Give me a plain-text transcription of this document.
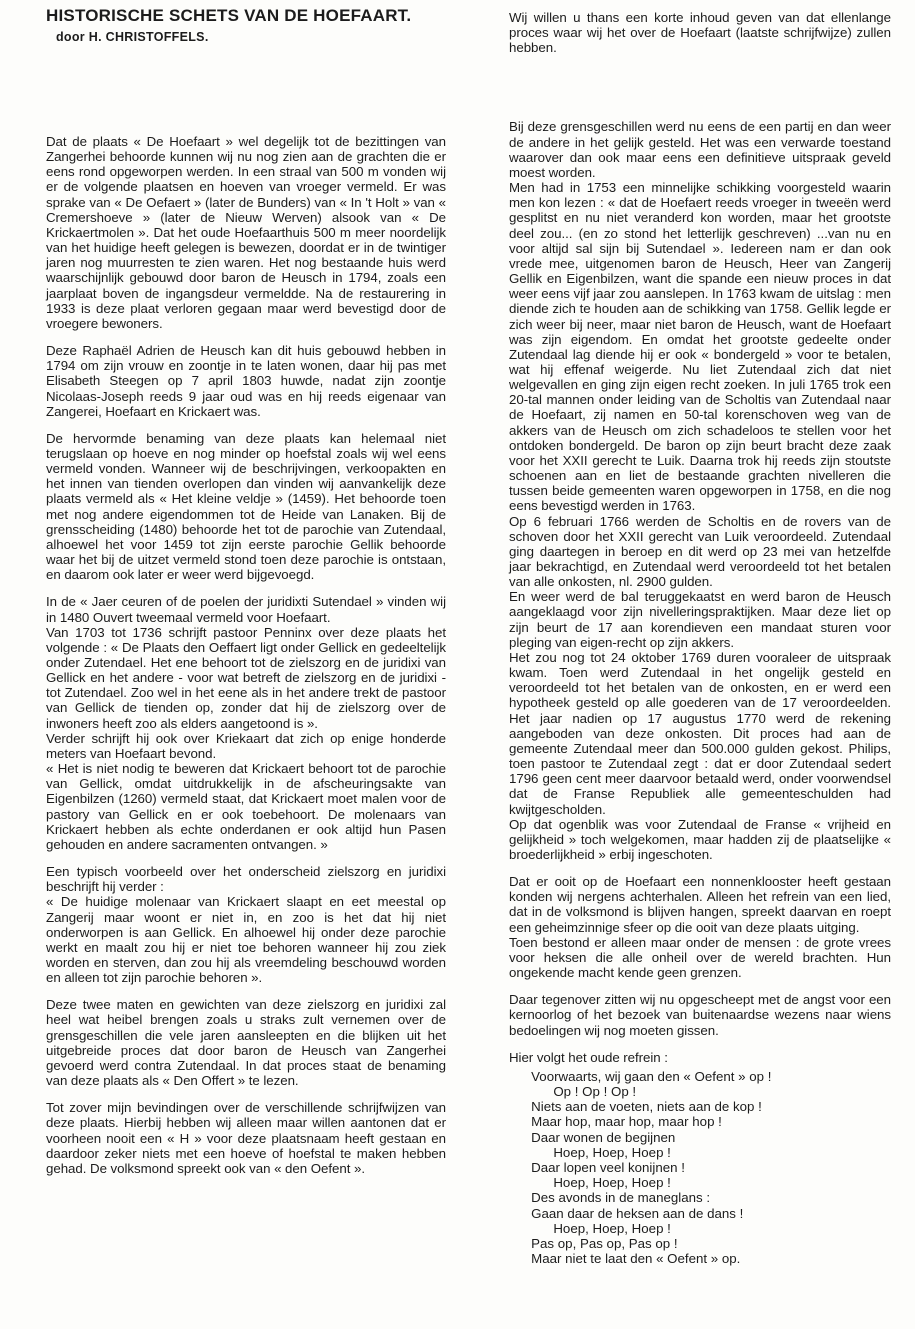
HISTORISCHE SCHETS VAN DE HOEFAART.
door H. CHRISTOFFELS.

Dat de plaats « De Hoefaart » wel degelijk tot de bezittingen van Zangerhei behoorde kunnen wij nu nog zien aan de grachten die er eens rond opgeworpen werden. In een straal van 500 m vonden wij er de volgende plaatsen en hoeven van vroeger vermeld. Er was sprake van « De Oefaert » (later de Bunders) van « In 't Holt » van « Cremershoeve » (later de Nieuw Werven) alsook van « De Krickaertmolen ». Dat het oude Hoefaarthuis 500 m meer noordelijk van het huidige heeft gelegen is bewezen, doordat er in de twintiger jaren nog muurresten te zien waren. Het nog bestaande huis werd waarschijnlijk gebouwd door baron de Heusch in 1794, zoals een jaarplaat boven de ingangsdeur vermeldde. Na de restaurering in 1933 is deze plaat verloren gegaan maar werd bevestigd door de vroegere bewoners.

Deze Raphaël Adrien de Heusch kan dit huis gebouwd hebben in 1794 om zijn vrouw en zoontje in te laten wonen, daar hij pas met Elisabeth Steegen op 7 april 1803 huwde, nadat zijn zoontje Nicolaas-Joseph reeds 9 jaar oud was en hij reeds eigenaar van Zangerei, Hoefaart en Krickaert was.

De hervormde benaming van deze plaats kan helemaal niet terugslaan op hoeve en nog minder op hoefstal zoals wij wel eens vermeld vonden. Wanneer wij de beschrijvingen, verkoopakten en het innen van tienden overlopen dan vinden wij aanvankelijk deze plaats vermeld als « Het kleine veldje » (1459). Het behoorde toen met nog andere eigendommen tot de Heide van Lanaken. Bij de grensscheiding (1480) behoorde het tot de parochie van Zutendaal, alhoewel het voor 1459 tot zijn eerste parochie Gellik behoorde waar het bij de uitzet vermeld stond toen deze parochie is ontstaan, en daarom ook later er weer werd bijgevoegd.

In de « Jaer ceuren of de poelen der juridixti Sutendael » vinden wij in 1480 Ouvert tweemaal vermeld voor Hoefaart.
Van 1703 tot 1736 schrijft pastoor Penninx over deze plaats het volgende : « De Plaats den Oeffaert ligt onder Gellick en gedeeltelijk onder Zutendael. Het ene behoort tot de zielszorg en de juridixi van Gellick en het andere - voor wat betreft de zielszorg en de juridixi - tot Zutendael. Zoo wel in het eene als in het andere trekt de pastoor van Gellick de tienden op, zonder dat hij de zielszorg over de inwoners heeft zoo als elders aangetoond is ».
Verder schrijft hij ook over Kriekaart dat zich op enige honderde meters van Hoefaart bevond.
« Het is niet nodig te beweren dat Krickaert behoort tot de parochie van Gellick, omdat uitdrukkelijk in de afscheuringsakte van Eigenbilzen (1260) vermeld staat, dat Krickaert moet malen voor de pastory van Gellick en er ook toebehoort. De molenaars van Krickaert hebben als echte onderdanen er ook altijd hun Pasen gehouden en andere sacramenten ontvangen. »

Een typisch voorbeeld over het onderscheid zielszorg en juridixi beschrijft hij verder :
« De huidige molenaar van Krickaert slaapt en eet meestal op Zangerij maar woont er niet in, en zoo is het dat hij niet onderworpen is aan Gellick. En alhoewel hij onder deze parochie werkt en maalt zou hij er niet toe behoren wanneer hij zou ziek worden en sterven, dan zou hij als vreemdeling beschouwd worden en alleen tot zijn parochie behoren ».

Deze twee maten en gewichten van deze zielszorg en juridixi zal heel wat heibel brengen zoals u straks zult vernemen over de grensgeschillen die vele jaren aansleepten en die blijken uit het uitgebreide proces dat door baron de Heusch van Zangerhei gevoerd werd contra Zutendaal. In dat proces staat de benaming van deze plaats als « Den Offert » te lezen.

Tot zover mijn bevindingen over de verschillende schrijfwijzen van deze plaats. Hierbij hebben wij alleen maar willen aantonen dat er voorheen nooit een « H » voor deze plaatsnaam heeft gestaan en daardoor zeker niets met een hoeve of hoefstal te maken hebben gehad. De volksmond spreekt ook van « den Oefent ».

Wij willen u thans een korte inhoud geven van dat ellenlange proces waar wij het over de Hoefaart (laatste schrijfwijze) zullen hebben.

Bij deze grensgeschillen werd nu eens de een partij en dan weer de andere in het gelijk gesteld. Het was een verwarde toestand waarover dan ook maar eens een definitieve uitspraak geveld moest worden.
Men had in 1753 een minnelijke schikking voorgesteld waarin men kon lezen : « dat de Hoefaert reeds vroeger in tweeën werd gesplitst en nu niet veranderd kon worden, maar het grootste deel zou... (en zo stond het letterlijk geschreven) ...van nu en voor altijd sal sijn bij Sutendael ». Iedereen nam er dan ook vrede mee, uitgenomen baron de Heusch, Heer van Zangerij Gellik en Eigenbilzen, want die spande een nieuw proces in dat weer eens vijf jaar zou aanslepen. In 1763 kwam de uitslag : men diende zich te houden aan de schikking van 1758. Gellik legde er zich weer bij neer, maar niet baron de Heusch, want de Hoefaart was zijn eigendom. En omdat het grootste gedeelte onder Zutendaal lag diende hij er ook « bondergeld » voor te betalen, wat hij effenaf weigerde. Nu liet Zutendaal zich dat niet welgevallen en ging zijn eigen recht zoeken. In juli 1765 trok een 20-tal mannen onder leiding van de Scholtis van Zutendaal naar de Hoefaart, zij namen en 50-tal korenschoven weg van de akkers van de Heusch om zich schadeloos te stellen voor het ontdoken bondergeld. De baron op zijn beurt bracht deze zaak voor het XXII gerecht te Luik. Daarna trok hij reeds zijn stoutste schoenen aan en liet de bestaande grachten nivelleren die tussen beide gemeenten waren opgeworpen in 1758, en die nog eens bevestigd werden in 1763.
Op 6 februari 1766 werden de Scholtis en de rovers van de schoven door het XXII gerecht van Luik veroordeeld. Zutendaal ging daartegen in beroep en dit werd op 23 mei van hetzelfde jaar bekrachtigd, en Zutendaal werd veroordeeld tot het betalen van alle onkosten, nl. 2900 gulden.
En weer werd de bal teruggekaatst en werd baron de Heusch aangeklaagd voor zijn nivelleringspraktijken. Maar deze liet op zijn beurt de 17 aan korendieven een mandaat sturen voor pleging van eigen-recht op zijn akkers.
Het zou nog tot 24 oktober 1769 duren vooraleer de uitspraak kwam. Toen werd Zutendaal in het ongelijk gesteld en veroordeeld tot het betalen van de onkosten, en er werd een hypotheek gesteld op alle goederen van de 17 veroordeelden. Het jaar nadien op 17 augustus 1770 werd de rekening aangeboden van deze onkosten. Dit proces had aan de gemeente Zutendaal meer dan 500.000 gulden gekost. Philips, toen pastoor te Zutendaal zegt : dat er door Zutendaal sedert 1796 geen cent meer daarvoor betaald werd, onder voorwendsel dat de Franse Republiek alle gemeenteschulden had kwijtgescholden.
Op dat ogenblik was voor Zutendaal de Franse « vrijheid en gelijkheid » toch welgekomen, maar hadden zij de plaatselijke « broederlijkheid » erbij ingeschoten.

Dat er ooit op de Hoefaart een nonnenklooster heeft gestaan konden wij nergens achterhalen. Alleen het refrein van een lied, dat in de volksmond is blijven hangen, spreekt daarvan en roept een geheimzinnige sfeer op die ooit van deze plaats uitging.
Toen bestond er alleen maar onder de mensen : de grote vrees voor heksen die alle onheil over de wereld brachten. Hun ongekende macht kende geen grenzen.

Daar tegenover zitten wij nu opgescheept met de angst voor een kernoorlog of het bezoek van buitenaardse wezens naar wiens bedoelingen wij nog moeten gissen.

Hier volgt het oude refrein :

Voorwaarts, wij gaan den « Oefent » op !
Op ! Op ! Op !
Niets aan de voeten, niets aan de kop !
Maar hop, maar hop, maar hop !
Daar wonen de begijnen
Hoep, Hoep, Hoep !
Daar lopen veel konijnen !
Hoep, Hoep, Hoep !
Des avonds in de maneglans :
Gaan daar de heksen aan de dans !
Hoep, Hoep, Hoep !
Pas op, Pas op, Pas op !
Maar niet te laat den « Oefent » op.
